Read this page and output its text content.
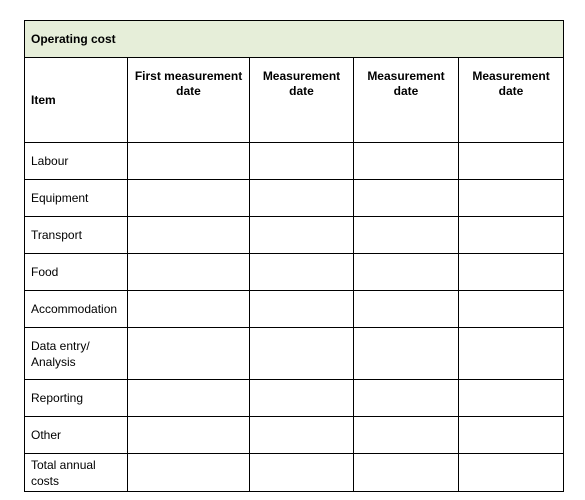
Operating cost				
Item	First measurement date	Measurement date	Measurement date	Measurement date
Labour				
Equipment				
Transport				
Food				
Accommodation				
Data entry/ Analysis				
Reporting				
Other				
Total annual costs				
